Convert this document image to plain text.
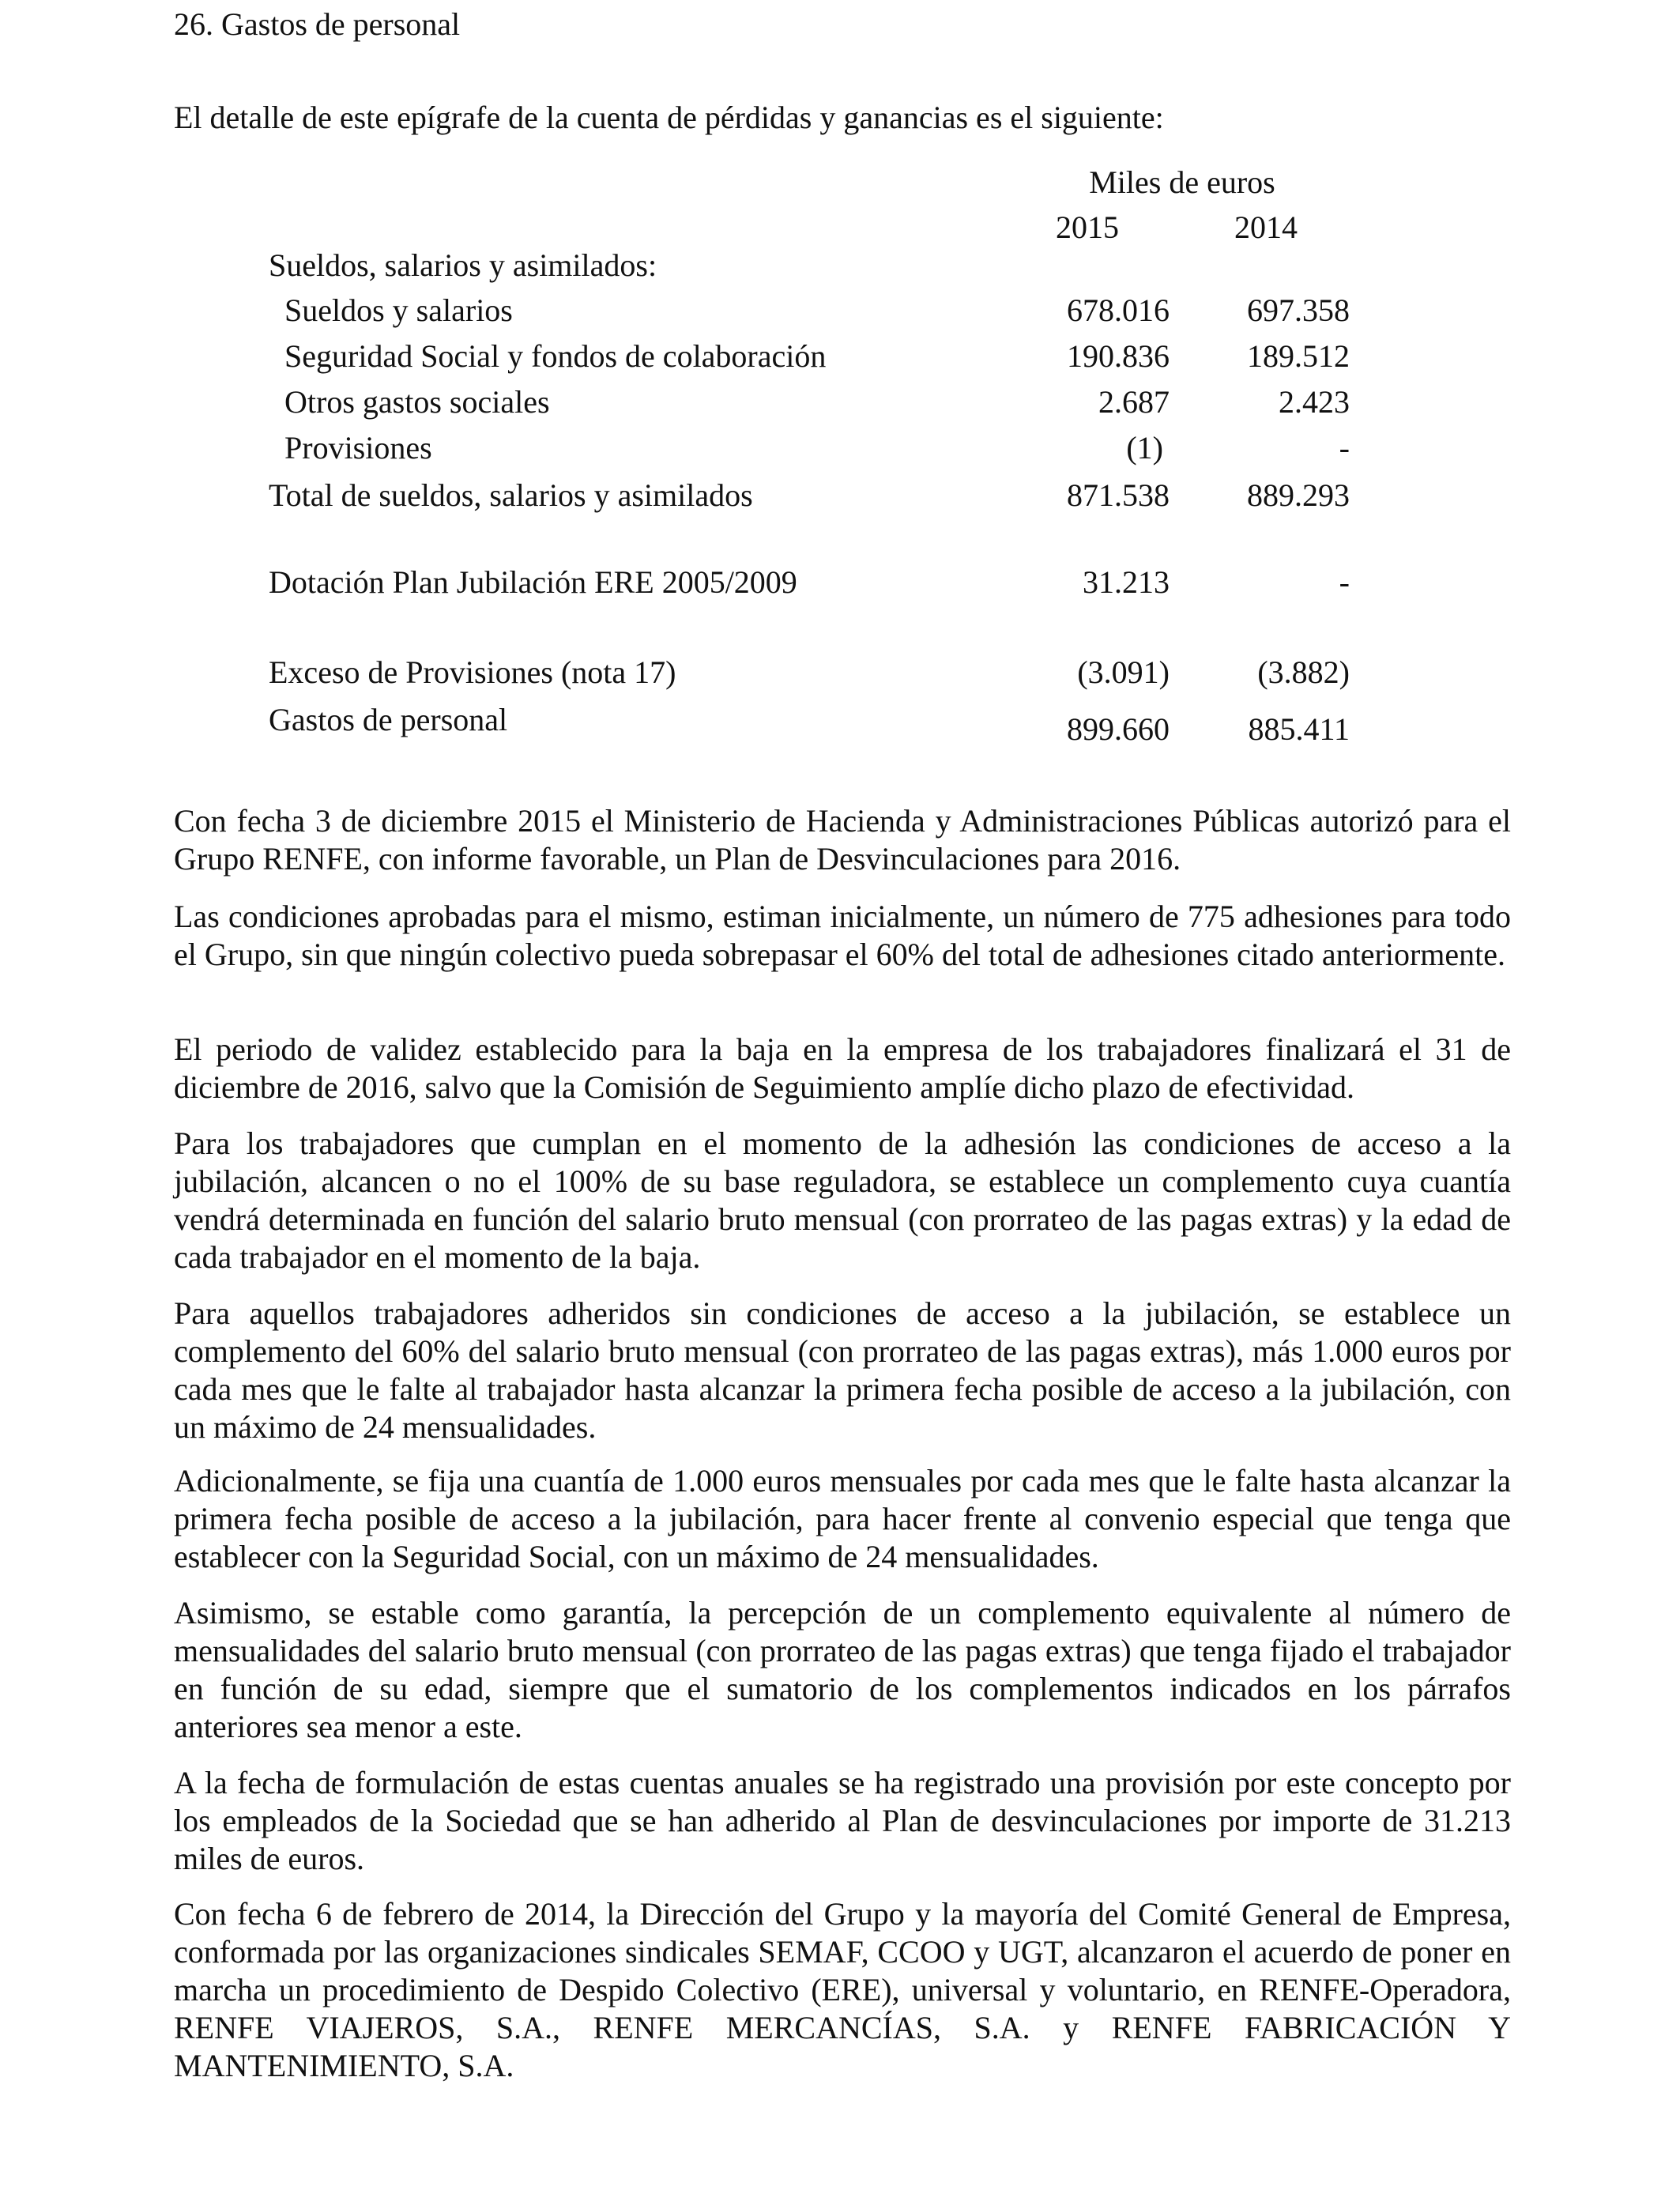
26. Gastos de personal
El detalle de este epígrafe de la cuenta de pérdidas y ganancias es el siguiente:
Miles de euros
2015	2014
Sueldos, salarios y asimilados:
Sueldos y salarios	678.016	697.358
Seguridad Social y fondos de colaboración	190.836	189.512
Otros gastos sociales	2.687	2.423
Provisiones	(1)	-
Total de sueldos, salarios y asimilados	871.538	889.293
Dotación Plan Jubilación ERE 2005/2009	31.213	-
Exceso de Provisiones (nota 17)	(3.091)	(3.882)
Gastos de personal	899.660	885.411

Con fecha 3 de diciembre 2015 el Ministerio de Hacienda y Administraciones Públicas autorizó para el Grupo RENFE, con informe favorable, un Plan de Desvinculaciones para 2016.

Las condiciones aprobadas para el mismo, estiman inicialmente, un número de 775 adhesiones para todo el Grupo, sin que ningún colectivo pueda sobrepasar el 60% del total de adhesiones citado anteriormente.

El periodo de validez establecido para la baja en la empresa de los trabajadores finalizará el 31 de diciembre de 2016, salvo que la Comisión de Seguimiento amplíe dicho plazo de efectividad.

Para los trabajadores que cumplan en el momento de la adhesión las condiciones de acceso a la jubilación, alcancen o no el 100% de su base reguladora, se establece un complemento cuya cuantía vendrá determinada en función del salario bruto mensual (con prorrateo de las pagas extras) y la edad de cada trabajador en el momento de la baja.

Para aquellos trabajadores adheridos sin condiciones de acceso a la jubilación, se establece un complemento del 60% del salario bruto mensual (con prorrateo de las pagas extras), más 1.000 euros por cada mes que le falte al trabajador hasta alcanzar la primera fecha posible de acceso a la jubilación, con un máximo de 24 mensualidades.

Adicionalmente, se fija una cuantía de 1.000 euros mensuales por cada mes que le falte hasta alcanzar la primera fecha posible de acceso a la jubilación, para hacer frente al convenio especial que tenga que establecer con la Seguridad Social, con un máximo de 24 mensualidades.

Asimismo, se estable como garantía, la percepción de un complemento equivalente al número de mensualidades del salario bruto mensual (con prorrateo de las pagas extras) que tenga fijado el trabajador en función de su edad, siempre que el sumatorio de los complementos indicados en los párrafos anteriores sea menor a este.

A la fecha de formulación de estas cuentas anuales se ha registrado una provisión por este concepto por los empleados de la Sociedad que se han adherido al Plan de desvinculaciones por importe de 31.213 miles de euros.

Con fecha 6 de febrero de 2014, la Dirección del Grupo y la mayoría del Comité General de Empresa, conformada por las organizaciones sindicales SEMAF, CCOO y UGT, alcanzaron el acuerdo de poner en marcha un procedimiento de Despido Colectivo (ERE), universal y voluntario, en RENFE-Operadora, RENFE VIAJEROS, S.A., RENFE MERCANCÍAS, S.A. y RENFE FABRICACIÓN Y MANTENIMIENTO, S.A.
